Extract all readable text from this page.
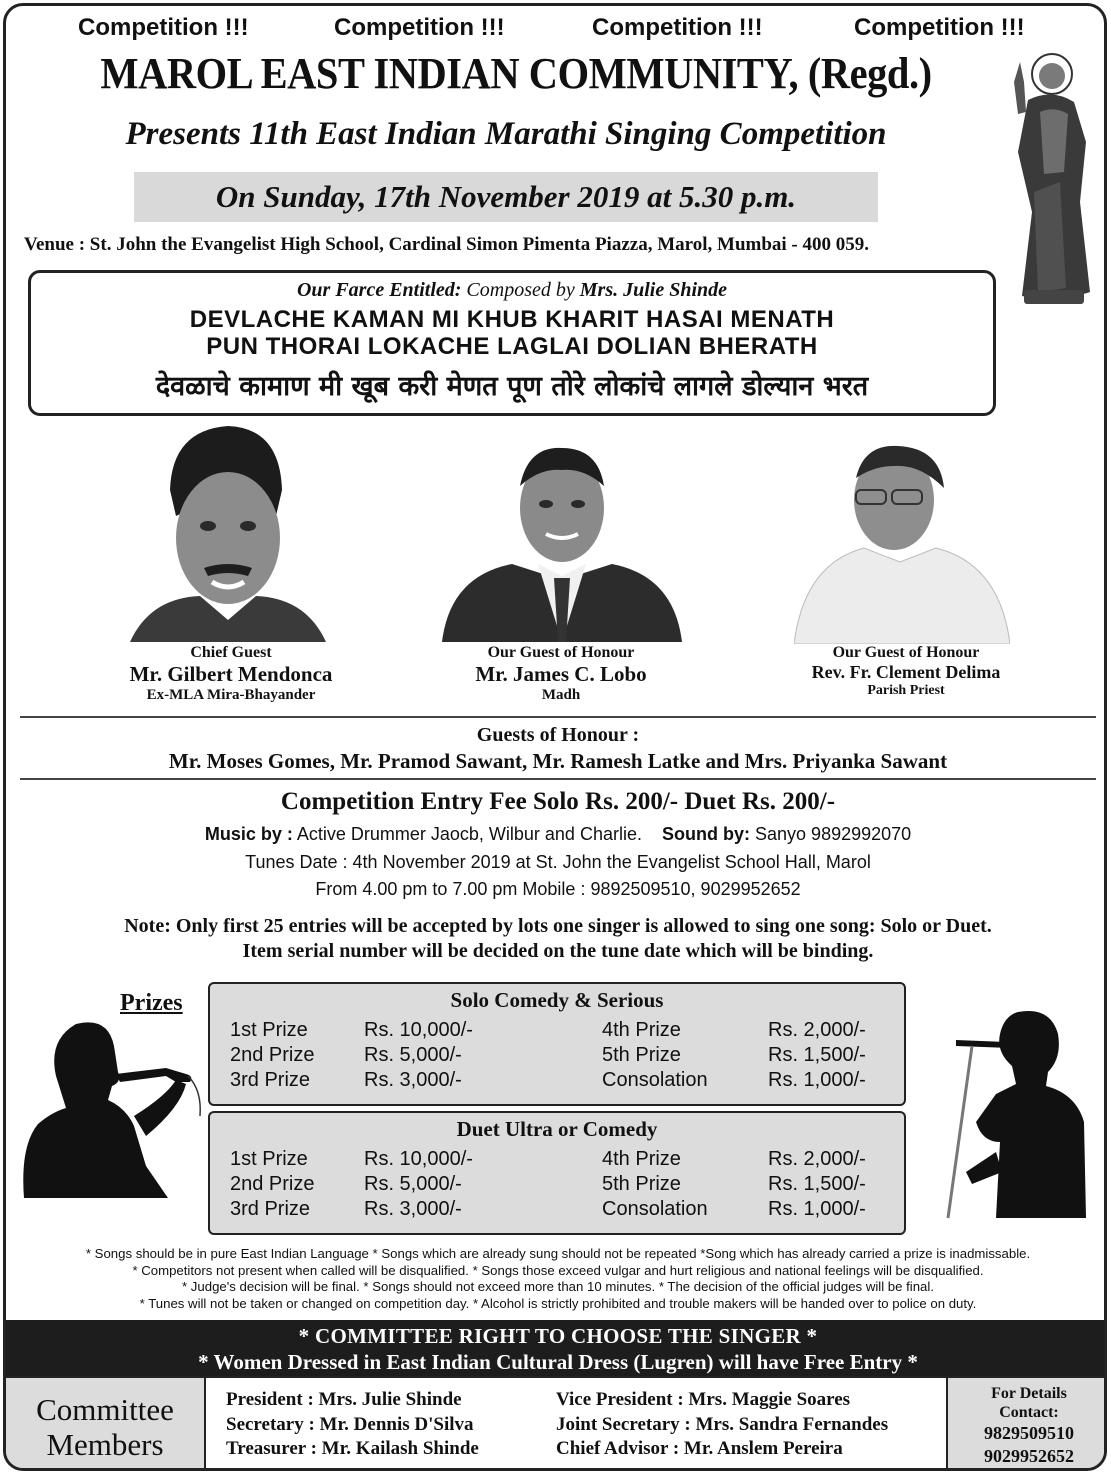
Competition !!!	Competition !!!	Competition !!!	Competition !!!
MAROL EAST INDIAN COMMUNITY, (Regd.)
Presents 11th East Indian Marathi Singing Competition
On Sunday, 17th November 2019 at 5.30 p.m.
Venue : St. John the Evangelist High School, Cardinal Simon Pimenta Piazza, Marol, Mumbai - 400 059.
Our Farce Entitled: Composed by Mrs. Julie Shinde
DEVLACHE KAMAN MI KHUB KHARIT HASAI MENATH
PUN THORAI LOKACHE LAGLAI DOLIAN BHERATH
देवळाचे कामाण मी खूब करी मेणत पूण तोरे लोकांचे लागले डोल्यान भरत
Chief Guest
Mr. Gilbert Mendonca
Ex-MLA Mira-Bhayander
Our Guest of Honour
Mr. James C. Lobo
Madh
Our Guest of Honour
Rev. Fr. Clement Delima
Parish Priest
Guests of Honour :
Mr. Moses Gomes, Mr. Pramod Sawant, Mr. Ramesh Latke and Mrs. Priyanka Sawant
Competition Entry Fee Solo Rs. 200/- Duet Rs. 200/-
Music by : Active Drummer Jaocb, Wilbur and Charlie. Sound by: Sanyo 9892992070
Tunes Date : 4th November 2019 at St. John the Evangelist School Hall, Marol
From 4.00 pm to 7.00 pm Mobile : 9892509510, 9029952652
Note: Only first 25 entries will be accepted by lots one singer is allowed to sing one song: Solo or Duet.
Item serial number will be decided on the tune date which will be binding.
Prizes	Solo Comedy & Serious
1st Prize	Rs. 10,000/-	4th Prize	Rs. 2,000/-
2nd Prize Rs. 5,000/-	5th Prize	Rs. 1,500/-
3rd Prize	Rs. 3,000/-	Consolation	Rs. 1,000/-
Duet Ultra or Comedy
1st Prize	Rs. 10,000/-	4th Prize	Rs. 2,000/-
2nd Prize Rs. 5,000/-	5th Prize	Rs. 1,500/-
3rd Prize	Rs. 3,000/-	Consolation	Rs. 1,000/-
* Songs should be in pure East Indian Language * Songs which are already sung should not be repeated *Song which has already carried a prize is inadmissable.
* Competitors not present when called will be disqualified. * Songs those exceed vulgar and hurt religious and national feelings will be disqualified.
* Judge's decision will be final. * Songs should not exceed more than 10 minutes. * The decision of the official judges will be final.
* Tunes will not be taken or changed on competition day. * Alcohol is strictly prohibited and trouble makers will be handed over to police on duty.
* COMMITTEE RIGHT TO CHOOSE THE SINGER *
* Women Dressed in East Indian Cultural Dress (Lugren) will have Free Entry *
Committee
Members
President : Mrs. Julie Shinde
Secretary : Mr. Dennis D'Silva
Treasurer : Mr. Kailash Shinde
Vice President : Mrs. Maggie Soares
Joint Secretary : Mrs. Sandra Fernandes
Chief Advisor : Mr. Anslem Pereira
For Details
Contact:
9829509510
9029952652
